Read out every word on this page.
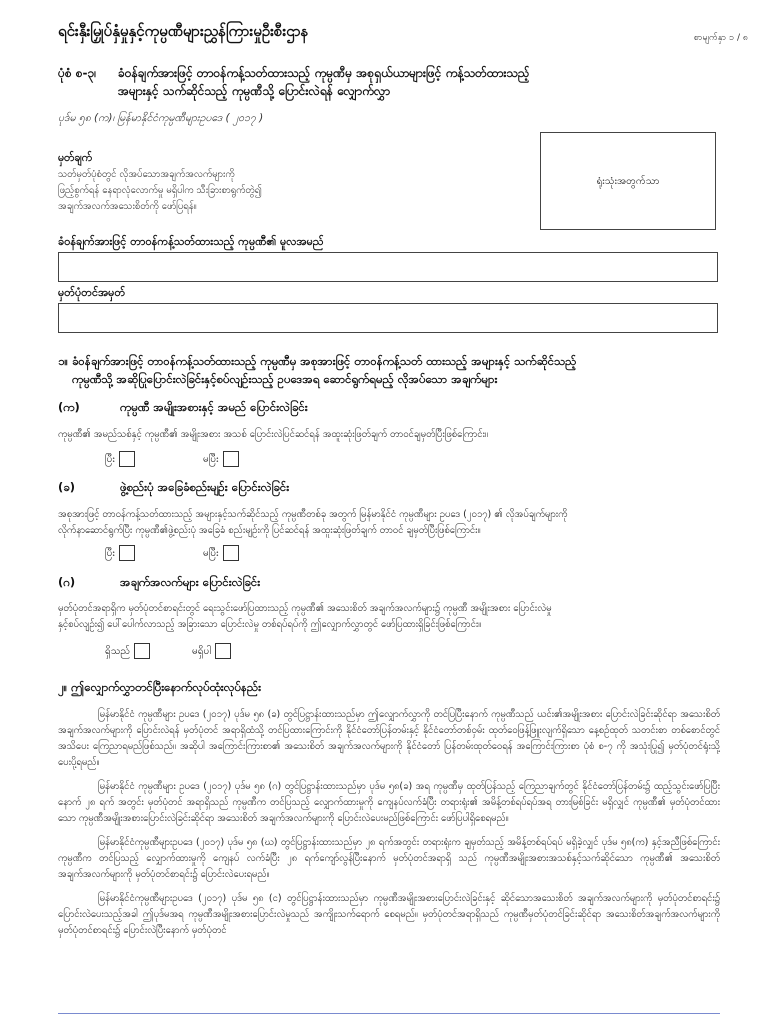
ရင်းနှီးမြှုပ်နှံမှုနှင့်ကုမ္ပဏီများညွှန်ကြားမှုဦးစီးဌာန	စာမျက်နှာ ၁ / ၈
ပုံစံ စ-၃၊ ခံဝန်ချက်အားဖြင့် တာဝန်ကန့်သတ်ထားသည့် ကုမ္ပဏီမှ အစုရှယ်ယာများဖြင့် ကန့်သတ်ထားသည့်
အများနှင့် သက်ဆိုင်သည့် ကုမ္ပဏီသို့ ပြောင်းလဲရန် လျှောက်လွှာ
ပုဒ်မ ၅၈ (က)၊ မြန်မာနိုင်ငံကုမ္ပဏီများဥပဒေ ( ၂၀၁၇ )
မှတ်ချက်
သတ်မှတ်ပုံစံတွင် လိုအပ်သောအချက်အလက်များကို
ဖြည့်စွက်ရန် နေရာလုံလောက်မှု မရှိပါက သီးခြားစာရွက်တွဲ၍
အချက်အလက်အသေးစိတ်ကို ဖော်ပြရန်။
ရုံးသုံးအတွက်သာ
ခံဝန်ချက်အားဖြင့် တာဝန်ကန့်သတ်ထားသည့် ကုမ္ပဏီ၏ မူလအမည်
မှတ်ပုံတင်အမှတ်
၁။ ခံဝန်ချက်အားဖြင့် တာဝန်ကန့်သတ်ထားသည့် ကုမ္ပဏီမှ အစုအားဖြင့် တာဝန်ကန့်သတ် ထားသည့် အများနှင့် သက်ဆိုင်သည့်
ကုမ္ပဏီသို့ အဆိုပြုပြောင်းလဲခြင်းနှင့်စပ်လျဉ်းသည့် ဥပဒေအရ ဆောင်ရွက်ရမည့် လိုအပ်သော အချက်များ
(က)	ကုမ္ပဏီ အမျိုးအစားနှင့် အမည် ပြောင်းလဲခြင်း
ကုမ္ပဏီ၏ အမည်သစ်နှင့် ကုမ္ပဏီ၏ အမျိုးအစား အသစ် ပြောင်းလဲပြင်ဆင်ရန် အထူးဆုံးဖြတ်ချက် တာဝင်ချမှတ်ပြီးဖြစ်ကြောင်း။
ပြီး	မပြီး
(ခ)	ဖွဲ့စည်းပုံ အခြေခံစည်းမျဉ်း ပြောင်းလဲခြင်း

အစုအားဖြင့် တာဝန်ကန့်သတ်ထားသည့် အများနှင့်သက်ဆိုင်သည့် ကုမ္ပဏီတစ်ခု အတွက် မြန်မာနိုင်ငံ ကုမ္ပဏီများ ဥပဒေ (၂၀၁၇) ၏ လိုအပ်ချက်များကို

လိုက်နာဆောင်ရွက်ပြီး ကုမ္ပဏီ၏ဖွဲ့စည်းပုံ အခြေခံ စည်းမျဉ်းကို ပြင်ဆင်ရန် အထူးဆုံးဖြတ်ချက် တာဝင် ချမှတ်ပြီးဖြစ်ကြောင်း။

ပြီး	မပြီး
(ဂ)	အချက်အလက်များ ပြောင်းလဲခြင်း

မှတ်ပုံတင်အရာရှိက မှတ်ပုံတင်စာရင်းတွင် ရေးသွင်းဖော်ပြထားသည့် ကုမ္ပဏီ၏ အသေးစိတ် အချက်အလက်များ၌ ကုမ္ပဏီ အမျိုးအစား ပြောင်းလဲမှု

နှင့်စပ်လျဉ်း၍ ပေါ်ပေါက်လာသည့် အခြားသော ပြောင်းလဲမှု တစ်ရပ်ရပ်ကို ဤလျှောက်လွှာတွင် ဖော်ပြထားရှိခြင်းဖြစ်ကြောင်း။

ရှိသည်	မရှိပါ
၂။ ဤလျှောက်လွှာတင်ပြီးနောက်လုပ်ထုံးလုပ်နည်း

မြန်မာနိုင်ငံ ကုမ္ပဏီများ ဥပဒေ (၂၀၁၇) ပုဒ်မ ၅၈ (ခ) တွင်ပြဋ္ဌာန်းထားသည်မှာ ဤလျှောက်လွှာကို တင်ပြပြီးနောက် ကုမ္ပဏီသည် ယင်း၏အမျိုးအစား ပြောင်းလဲခြင်းဆိုင်ရာ အသေးစိတ်အချက်အလက်များကို ပြောင်းလဲရန် မှတ်ပုံတင် အရာရှိထံသို့ တင်ပြထားကြောင်းကို နိုင်ငံတော်ပြန်တမ်းနှင့် နိုင်ငံတော်တစ်ဝှမ်း ထုတ်ဝေဖြန့်ဖြူးလျက်ရှိသော နေ့စဉ်ထုတ် သတင်းစာ တစ်စောင်တွင် အသိပေး ကြေညာရမည်ဖြစ်သည်။ အဆိုပါ အကြောင်းကြားစာ၏ အသေးစိတ် အချက်အလက်များကို နိုင်ငံတော် ပြန်တမ်းထုတ်ဝေရန် အကြောင်းကြားစာ ပုံစံ စ-၇ ကို အသုံးပြု၍ မှတ်ပုံတင်ရုံးသို့ ပေးပို့ရမည်။

မြန်မာနိုင်ငံ ကုမ္ပဏီများ ဥပဒေ (၂၀၁၇) ပုဒ်မ ၅၈ (ဂ) တွင်ပြဋ္ဌာန်းထားသည်မှာ ပုဒ်မ ၅၈(ခ) အရ ကုမ္ပဏီမှ ထုတ်ပြန်သည့် ကြေညာချက်တွင် နိုင်ငံတော်ပြန်တမ်း၌ ထည့်သွင်းဖော်ပြပြီးနောက် ၂၈ ရက် အတွင်း မှတ်ပုံတင် အရာရှိသည် ကုမ္ပဏီက တင်ပြသည့် လျှောက်ထားမှုကို ကျေနပ်လက်ခံပြီး တရားရုံး၏ အမိန့်တစ်ရပ်ရပ်အရ တားမြစ်ခြင်း မရှိလျှင် ကုမ္ပဏီ၏ မှတ်ပုံတင်ထားသော ကုမ္ပဏီအမျိုးအစားပြောင်းလဲခြင်းဆိုင်ရာ အသေးစိတ် အချက်အလက်များကို ပြောင်းလဲပေးမည်ဖြစ်ကြောင်း ဖော်ပြပါရှိစေရမည်။

မြန်မာနိုင်ငံကုမ္ပဏီများဥပဒေ (၂၀၁၇) ပုဒ်မ ၅၈ (ဃ) တွင်ပြဋ္ဌာန်းထားသည်မှာ ၂၈ ရက်အတွင်း တရားရုံးက ချမှတ်သည့် အမိန့်တစ်ရပ်ရပ် မရှိခဲ့လျှင် ပုဒ်မ ၅၈(က) နှင့်အညီဖြစ်ကြောင်း ကုမ္ပဏီက တင်ပြသည့် လျှောက်ထားမှုကို ကျေနပ် လက်ခံပြီး ၂၈ ရက်ကျော်လွန်ပြီးနောက် မှတ်ပုံတင်အရာရှိ သည် ကုမ္ပဏီအမျိုးအစားအသစ်နှင့်သက်ဆိုင်သော ကုမ္ပဏီ၏ အသေးစိတ်အချက်အလက်များကို မှတ်ပုံတင်စာရင်း၌ ပြောင်းလဲပေးရမည်။

မြန်မာနိုင်ငံကုမ္ပဏီများဥပဒေ (၂၀၁၇) ပုဒ်မ ၅၈ (င) တွင်ပြဋ္ဌာန်းထားသည်မှာ ကုမ္ပဏီအမျိုးအစားပြောင်းလဲခြင်းနှင့် ဆိုင်သောအသေးစိတ် အချက်အလက်များကို မှတ်ပုံတင်စာရင်း၌ ပြောင်းလဲပေးသည့်အခါ ဤပုဒ်မအရ ကုမ္ပဏီအမျိုးအစားပြောင်းလဲမှုသည် အကျိုးသက်ရောက် စေရမည်။ မှတ်ပုံတင်အရာရှိသည် ကုမ္ပဏီမှတ်ပုံတင်ခြင်းဆိုင်ရာ အသေးစိတ်အချက်အလက်များကို မှတ်ပုံတင်စာရင်း၌ ပြောင်းလဲပြီးနောက် မှတ်ပုံတင်
